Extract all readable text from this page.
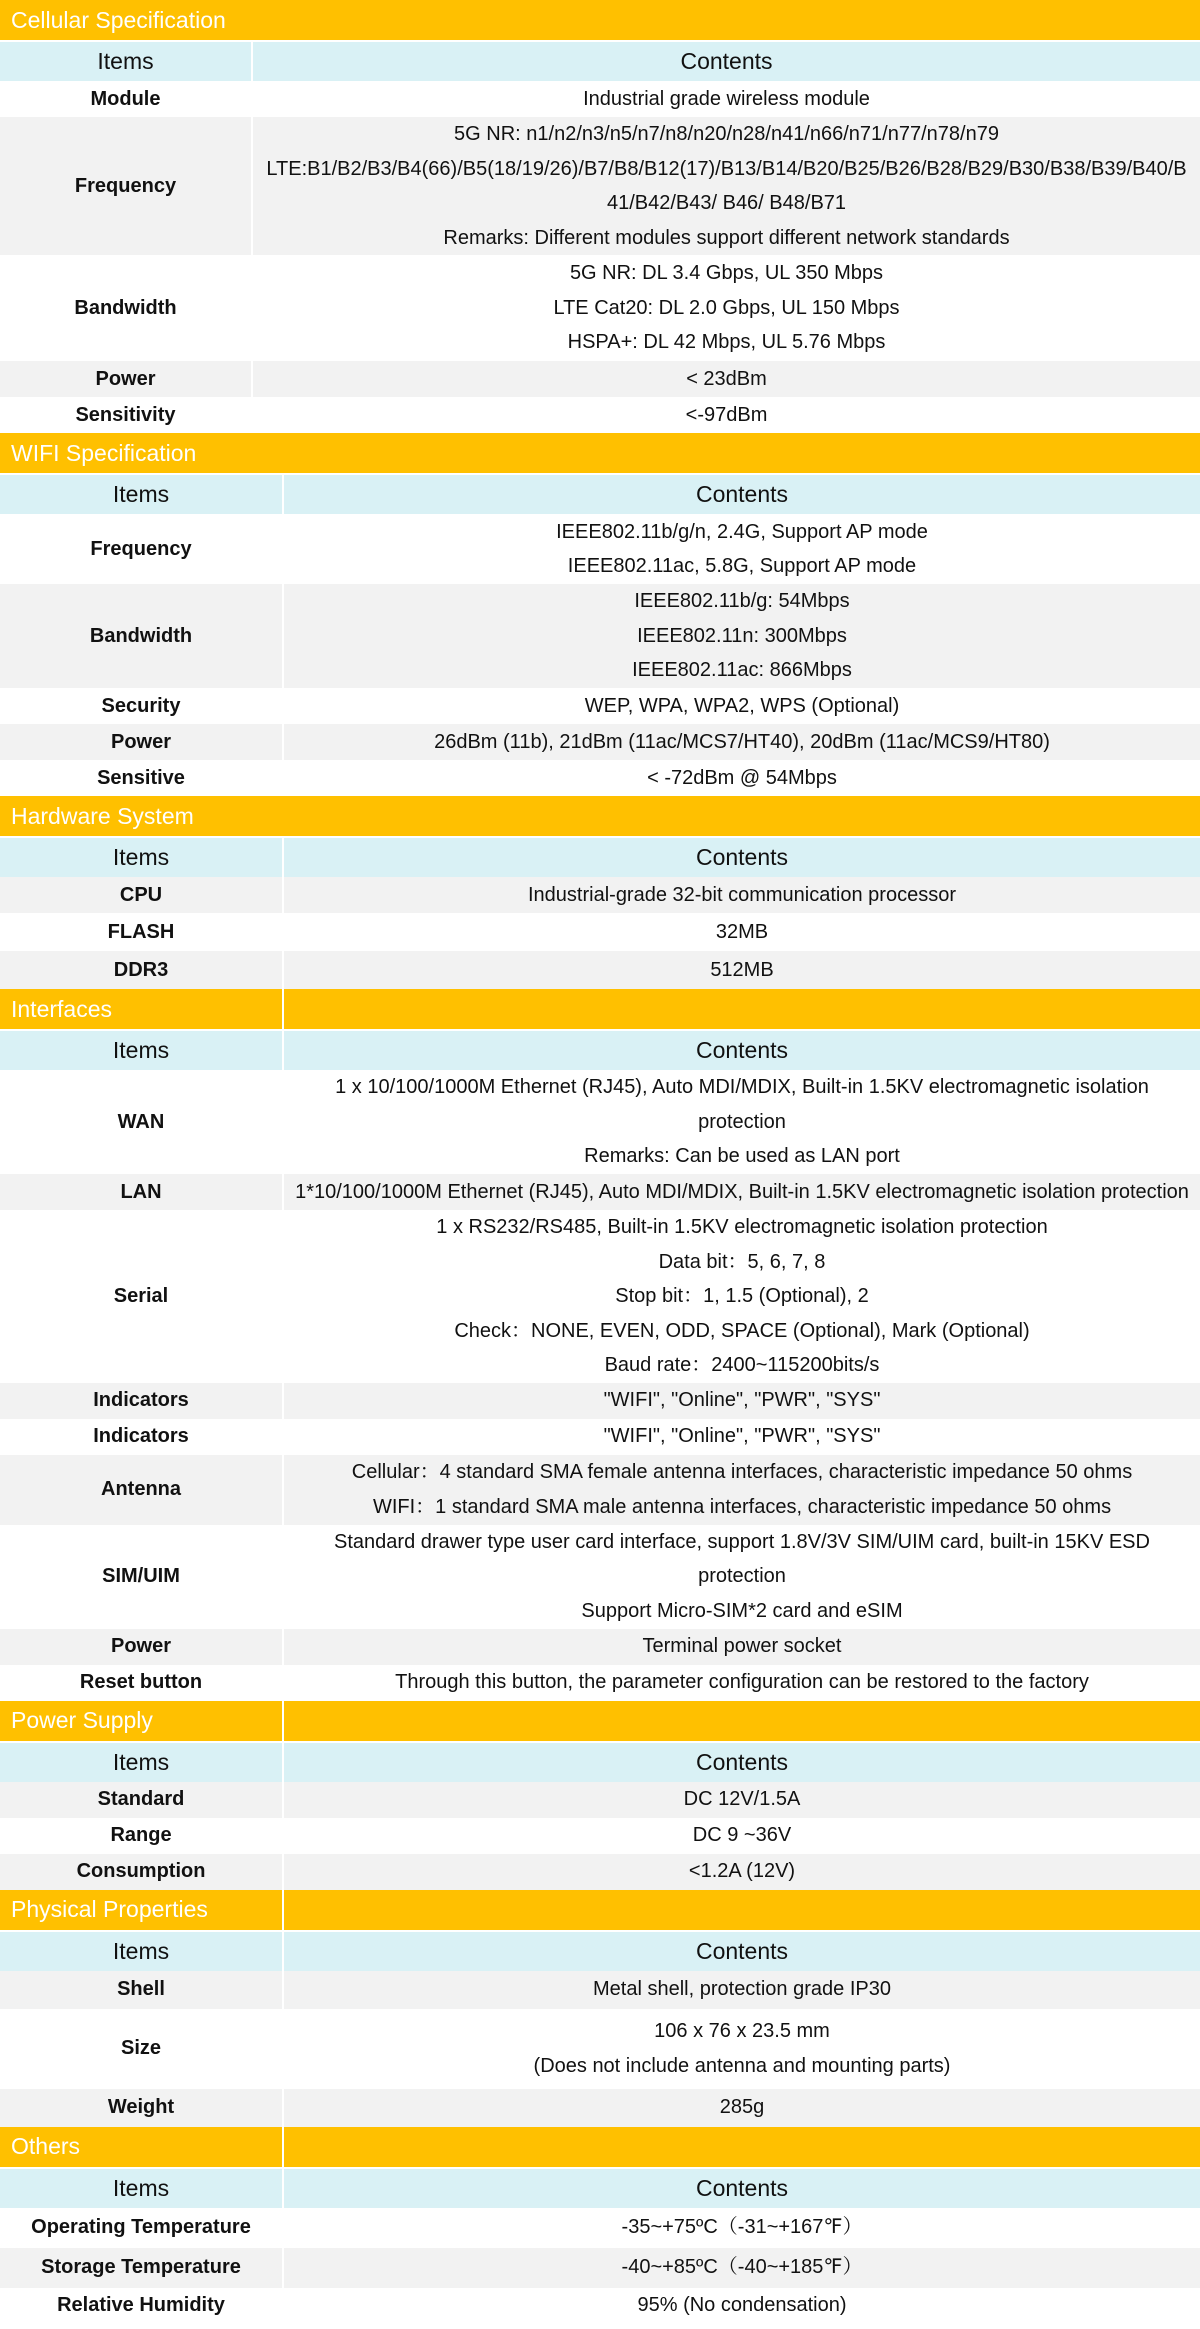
Cellular Specification	
Items	Contents
Module	Industrial grade wireless module

Frequency	5G NR: n1/n2/n3/n5/n7/n8/n20/n28/n41/n66/n71/n77/n78/n79
LTE:B1/B2/B3/B4(66)/B5(18/19/26)/B7/B8/B12(17)/B13/B14/B20/B25/B26/B28/B29/B30/B38/B39/B40/B
41/B42/B43/ B46/ B48/B71
Remarks: Different modules support different network standards

Bandwidth	5G NR: DL 3.4 Gbps, UL 350 Mbps
LTE Cat20: DL 2.0 Gbps, UL 150 Mbps
HSPA+: DL 42 Mbps, UL 5.76 Mbps

Power	< 23dBm

Sensitivity	<-97dBm
WIFI Specification	
Items	Contents
Frequency	IEEE802.11b/g/n, 2.4G, Support AP mode
IEEE802.11ac, 5.8G, Support AP mode

Bandwidth	IEEE802.11b/g: 54Mbps
IEEE802.11n: 300Mbps
IEEE802.11ac: 866Mbps

Security	WEP, WPA, WPA2, WPS (Optional)

Power	26dBm (11b), 21dBm (11ac/MCS7/HT40), 20dBm (11ac/MCS9/HT80)

Sensitive	< -72dBm @ 54Mbps
Hardware System	
Items	Contents
CPU	Industrial-grade 32-bit communication processor

FLASH	32MB

DDR3	512MB
Interfaces	
Items	Contents
WAN	1 x 10/100/1000M Ethernet (RJ45), Auto MDI/MDIX, Built-in 1.5KV electromagnetic isolation
protection
Remarks: Can be used as LAN port

LAN	1*10/100/1000M Ethernet (RJ45), Auto MDI/MDIX, Built-in 1.5KV electromagnetic isolation protection

Serial	1 x RS232/RS485, Built-in 1.5KV electromagnetic isolation protection
Data bit：5, 6, 7, 8
Stop bit：1, 1.5 (Optional), 2
Check：NONE, EVEN, ODD, SPACE (Optional), Mark (Optional)
Baud rate：2400~115200bits/s

Indicators	"WIFI", "Online", "PWR", "SYS"

Indicators	"WIFI", "Online", "PWR", "SYS"

Antenna	Cellular：4 standard SMA female antenna interfaces, characteristic impedance 50 ohms
WIFI：1 standard SMA male antenna interfaces, characteristic impedance 50 ohms

SIM/UIM	Standard drawer type user card interface, support 1.8V/3V SIM/UIM card, built-in 15KV ESD
protection
Support Micro-SIM*2 card and eSIM

Power	Terminal power socket

Reset button	Through this button, the parameter configuration can be restored to the factory
Power Supply	
Items	Contents
Standard	DC 12V/1.5A

Range	DC 9 ~36V

Consumption	<1.2A (12V)
Physical Properties	
Items	Contents
Shell	Metal shell, protection grade IP30

Size	106 x 76 x 23.5 mm
(Does not include antenna and mounting parts)

Weight	285g
Others	
Items	Contents
Operating Temperature	-35~+75ºC（-31~+167℉）

Storage Temperature	-40~+85ºC（-40~+185℉）

Relative Humidity	95% (No condensation)
